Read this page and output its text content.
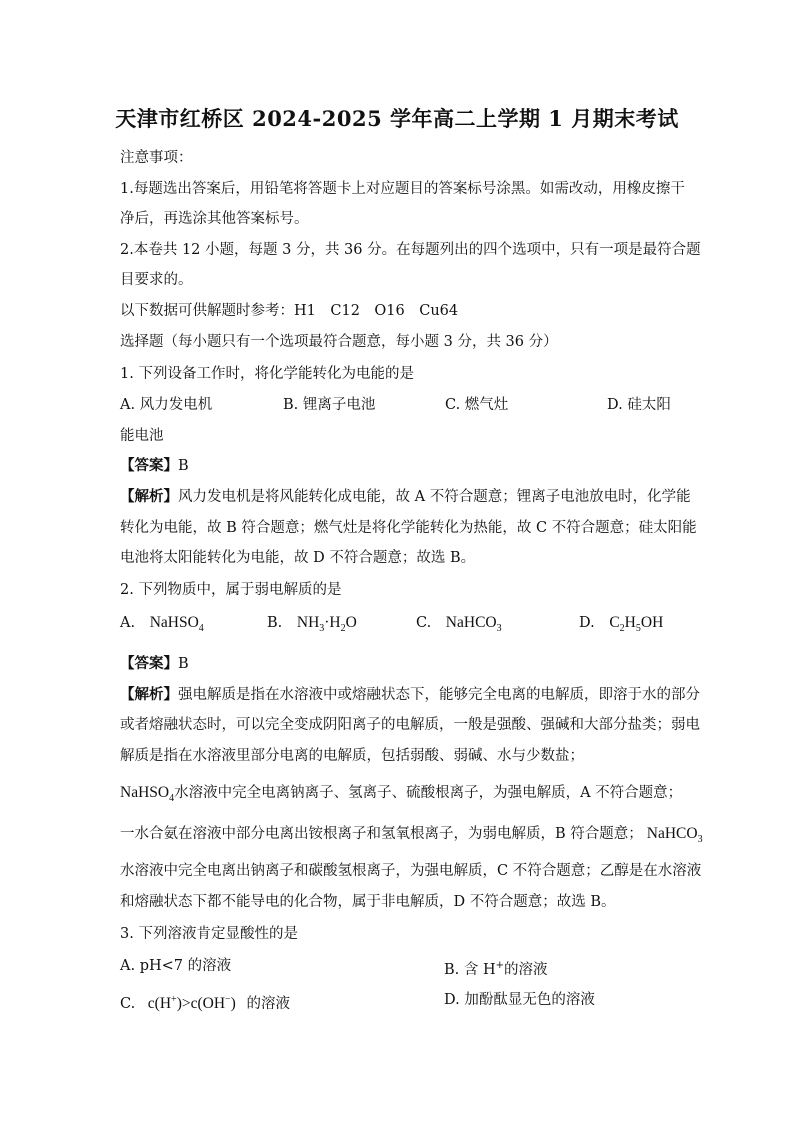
天津市红桥区 2024-2025 学年高二上学期 1 月期末考试
注意事项：
1.每题选出答案后，用铅笔将答题卡上对应题目的答案标号涂黑。如需改动，用橡皮擦干
净后，再选涂其他答案标号。
2.本卷共 12 小题，每题 3 分，共 36 分。在每题列出的四个选项中，只有一项是最符合题
目要求的。
以下数据可供解题时参考：H1　C12　O16　Cu64
选择题（每小题只有一个选项最符合题意，每小题 3 分，共 36 分）
1. 下列设备工作时，将化学能转化为电能的是
A. 风力发电机	B. 锂离子电池	C. 燃气灶	D. 硅太阳
能电池
【答案】B
【解析】风力发电机是将风能转化成电能，故 A 不符合题意；锂离子电池放电时，化学能
转化为电能，故 B 符合题意；燃气灶是将化学能转化为热能，故 C 不符合题意；硅太阳能
电池将太阳能转化为电能，故 D 不符合题意；故选 B。
2. 下列物质中，属于弱电解质的是
A. NaHSO$_4$	B. $NH_3\cdot H_2O$	C. NaHCO$_3$	D. $C_2H_5OH$
【答案】B
【解析】强电解质是指在水溶液中或熔融状态下，能够完全电离的电解质，即溶于水的部分
或者熔融状态时，可以完全变成阴阳离子的电解质，一般是强酸、强碱和大部分盐类；弱电
解质是指在水溶液里部分电离的电解质，包括弱酸、弱碱、水与少数盐；
NaHSO$_4$水溶液中完全电离钠离子、氢离子、硫酸根离子，为强电解质，A 不符合题意；
一水合氨在溶液中部分电离出铵根离子和氢氧根离子，为弱电解质，B 符合题意； NaHCO$_3$
水溶液中完全电离出钠离子和碳酸氢根离子，为强电解质，C 不符合题意；乙醇是在水溶液
和熔融状态下都不能导电的化合物，属于非电解质，D 不符合题意；故选 B。
3. 下列溶液肯定显酸性的是
A. pH<7 的溶液	B. 含 H+的溶液
C. c(H+)>c(OH−) 的溶液	D. 加酚酞显无色的溶液
